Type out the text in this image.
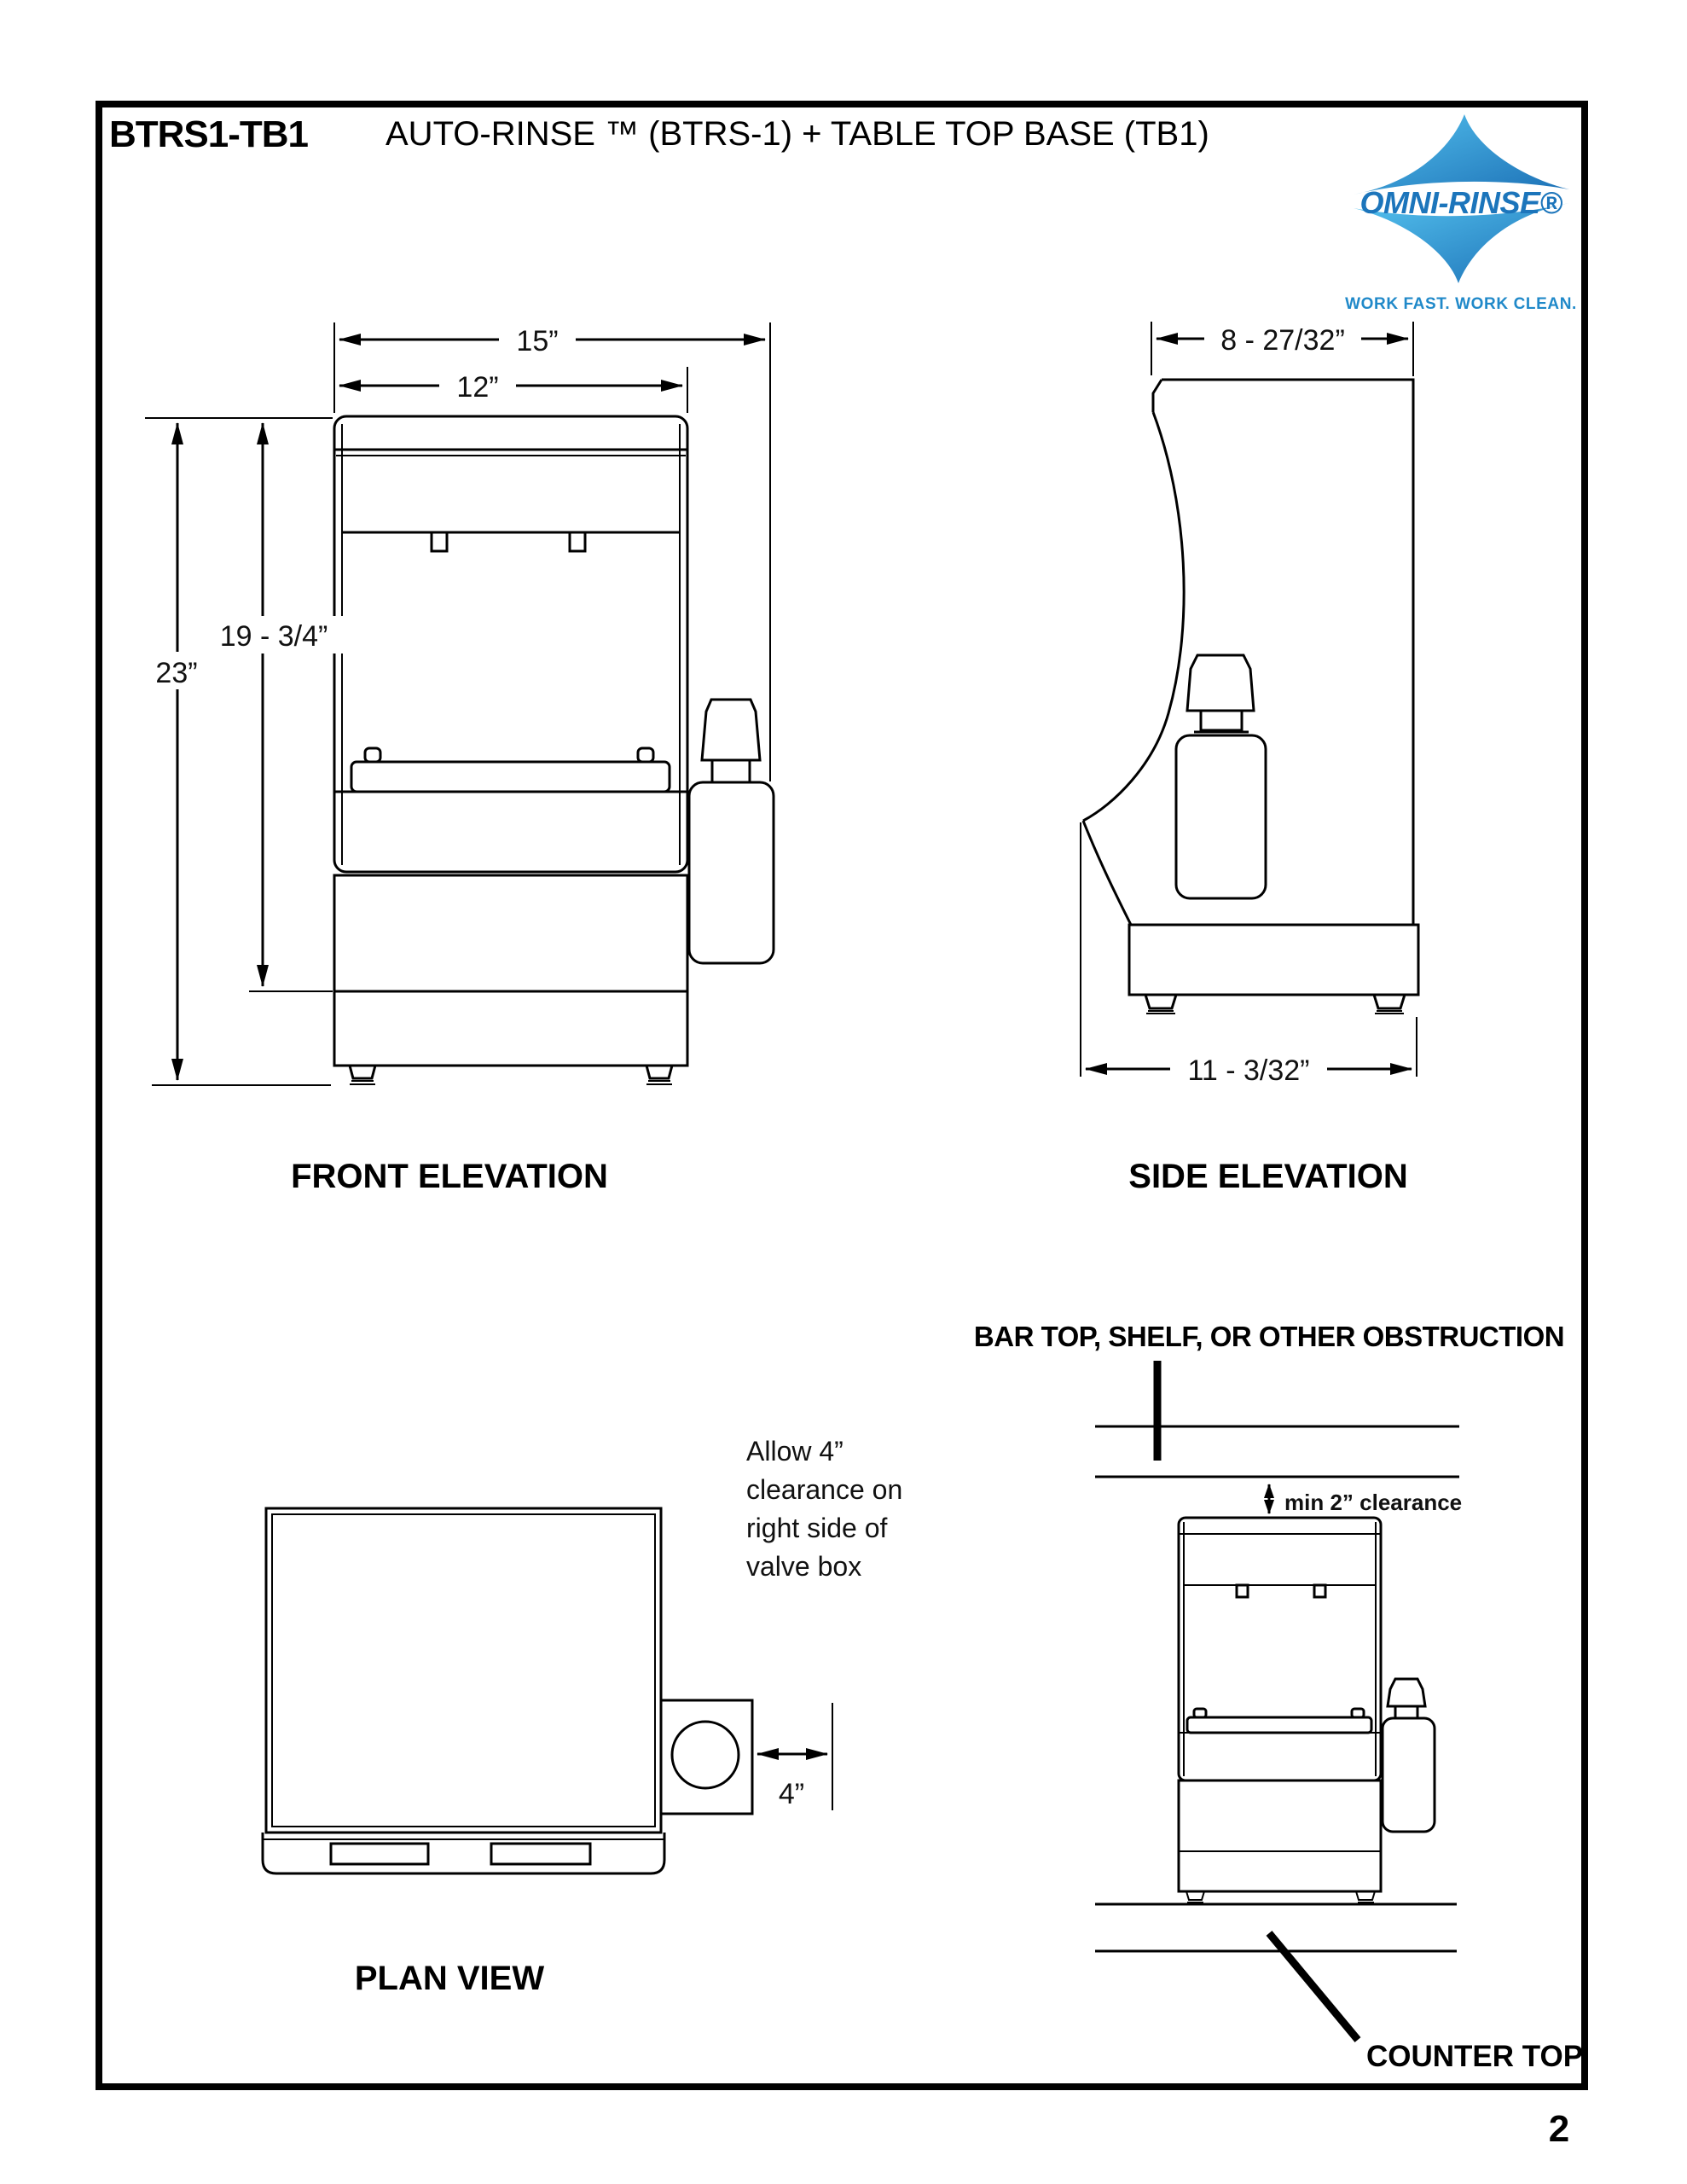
BTRS1-TB1 AUTO-RINSE ™ (BTRS-1) + TABLE TOP BASE (TB1)
OMNI-RINSE®
WORK FAST. WORK CLEAN.
15”
12”
23”
19 - 3/4”
FRONT ELEVATION
8 - 27/32”
11 - 3/32”
SIDE ELEVATION
4”
Allow 4”
clearance on
right side of
valve box
PLAN VIEW
BAR TOP, SHELF, OR OTHER OBSTRUCTION
min 2” clearance
COUNTER TOP
2
